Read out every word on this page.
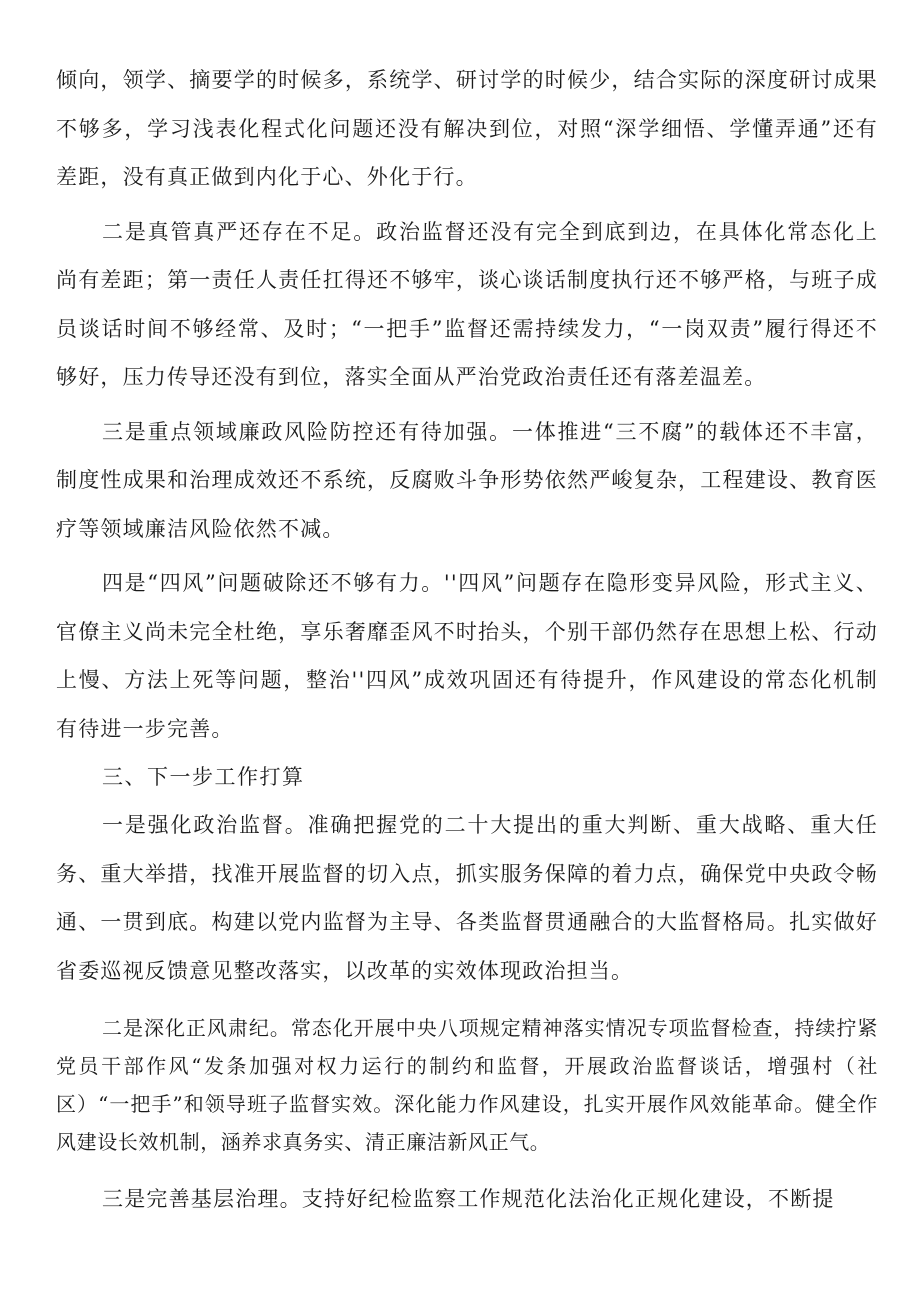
倾向，领学、摘要学的时候多，系统学、研讨学的时候少，结合实际的深度研讨成果不够多，学习浅表化程式化问题还没有解决到位，对照“深学细悟、学懂弄通”还有差距，没有真正做到内化于心、外化于行。

二是真管真严还存在不足。政治监督还没有完全到底到边，在具体化常态化上尚有差距；第一责任人责任扛得还不够牢，谈心谈话制度执行还不够严格，与班子成员谈话时间不够经常、及时；“一把手”监督还需持续发力，“一岗双责”履行得还不够好，压力传导还没有到位，落实全面从严治党政治责任还有落差温差。

三是重点领域廉政风险防控还有待加强。一体推进“三不腐”的载体还不丰富，制度性成果和治理成效还不系统，反腐败斗争形势依然严峻复杂，工程建设、教育医疗等领域廉洁风险依然不减。

四是“四风”问题破除还不够有力。''四风”问题存在隐形变异风险，形式主义、官僚主义尚未完全杜绝，享乐奢靡歪风不时抬头，个别干部仍然存在思想上松、行动上慢、方法上死等问题，整治''四风”成效巩固还有待提升，作风建设的常态化机制有待进一步完善。

三、下一步工作打算

一是强化政治监督。准确把握党的二十大提出的重大判断、重大战略、重大任务、重大举措，找准开展监督的切入点，抓实服务保障的着力点，确保党中央政令畅通、一贯到底。构建以党内监督为主导、各类监督贯通融合的大监督格局。扎实做好省委巡视反馈意见整改落实，以改革的实效体现政治担当。

二是深化正风肃纪。常态化开展中央八项规定精神落实情况专项监督检查，持续拧紧党员干部作风“发条加强对权力运行的制约和监督，开展政治监督谈话，增强村（社区）“一把手”和领导班子监督实效。深化能力作风建设，扎实开展作风效能革命。健全作风建设长效机制，涵养求真务实、清正廉洁新风正气。

三是完善基层治理。支持好纪检监察工作规范化法治化正规化建设，不断提
